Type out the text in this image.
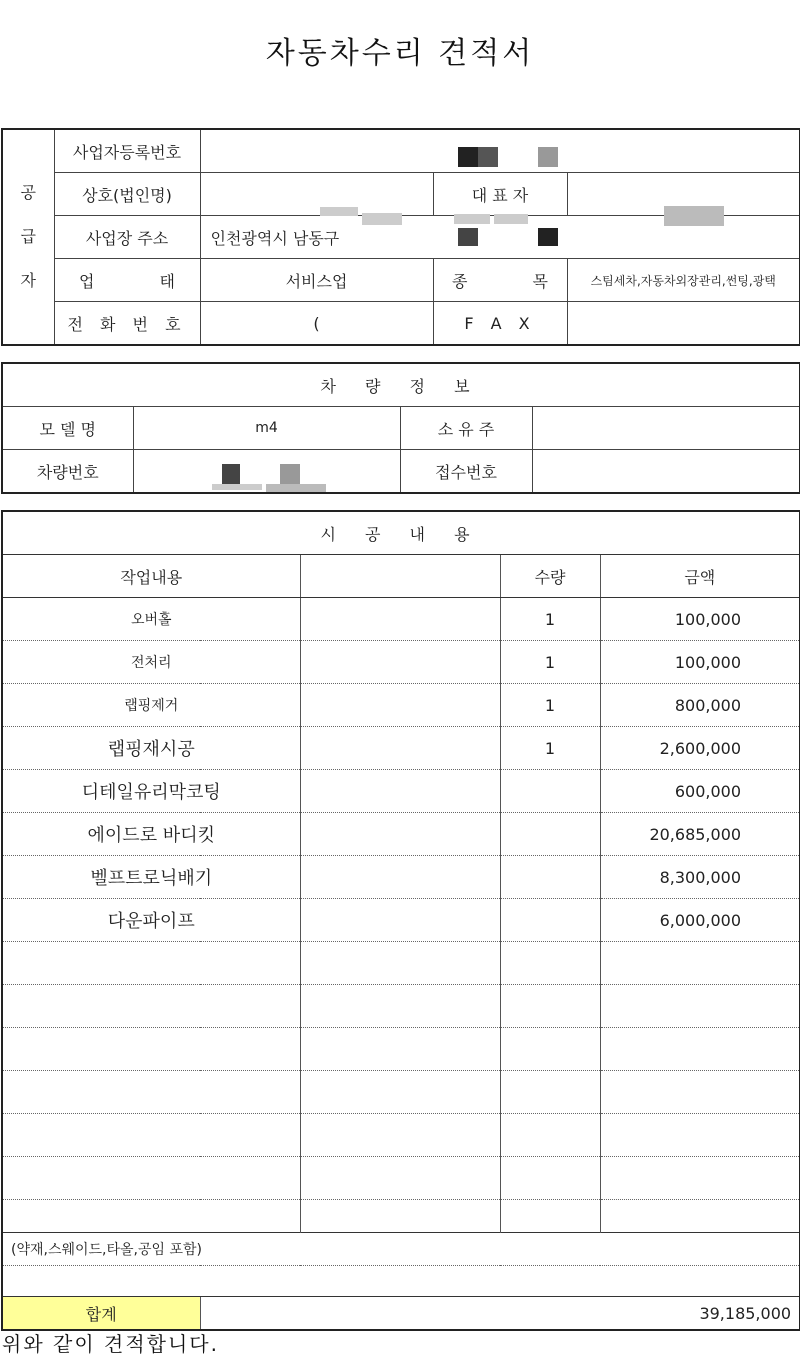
자동차수리 견적서
공
급
자	사업자등록번호			
	상호(법인명)		대 표 자	
	사업장 주소	인천광역시 남동구		
	업 태	서비스업	종 목	스팀세차,자동차외장관리,썬팅,광택
	전 화 번 호	(	F A X	
차 량 정 보			
모 델 명	m4	소 유 주	
차량번호		접수번호	
시 공 내 용				
작업내용			수량	금액
오버홀			1	100,000
전처리			1	100,000
랩핑제거			1	800,000
랩핑재시공			1	2,600,000
디테일유리막코팅				600,000
에이드로 바디킷				20,685,000
벨프트로닉배기				8,300,000
다운파이프				6,000,000

(약재,스웨이드,타올,공임 포함)				

합계	39,185,000			
위와 같이 견적합니다.
